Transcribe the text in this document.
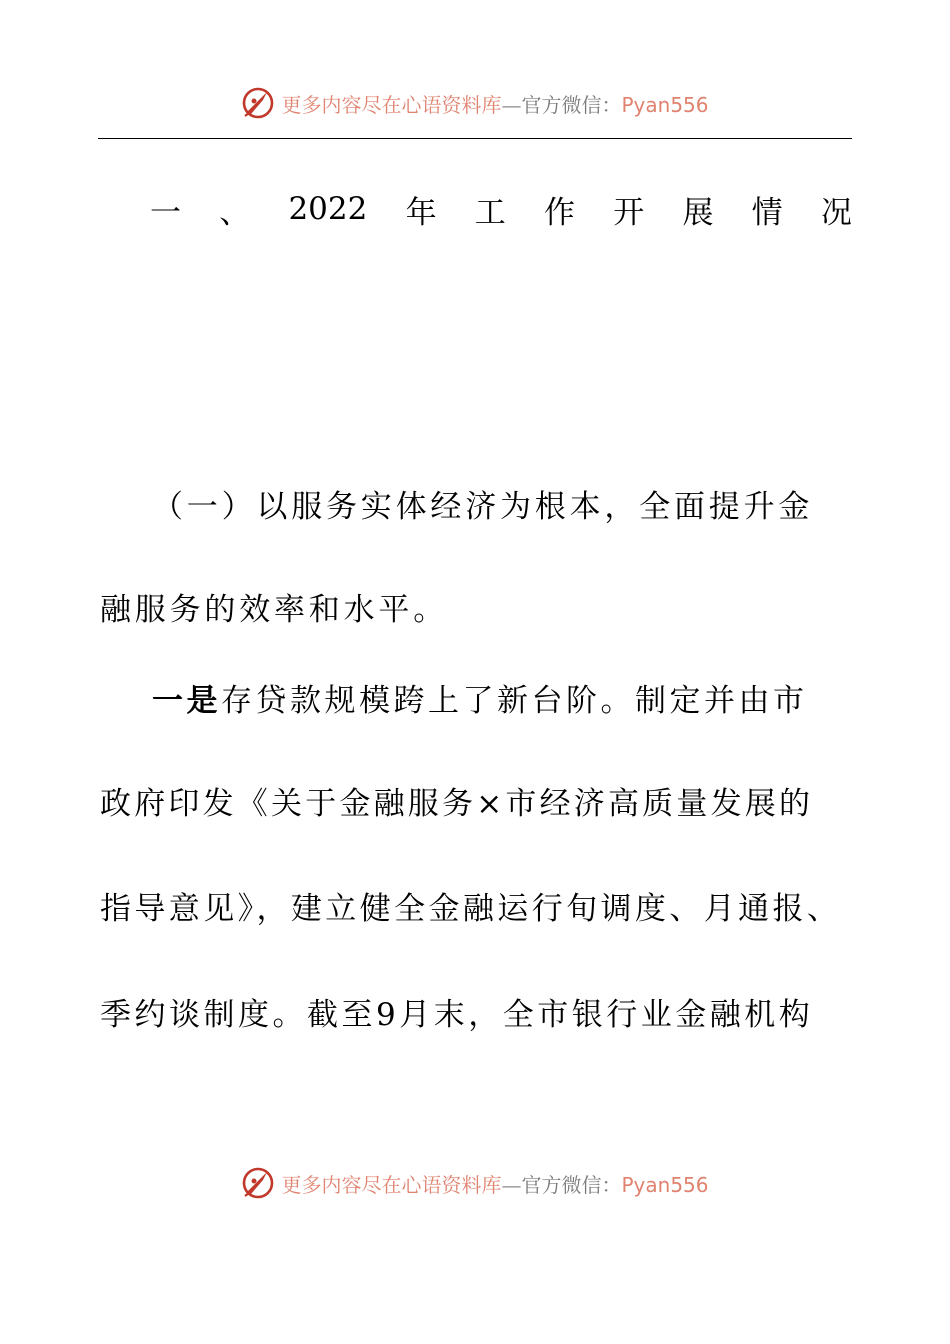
更多内容尽在心语资料库—官方微信：Pyan556
一 、 2022 年 工 作 开 展 情 况
（一）以服务实体经济为根本，全面提升金
融服务的效率和水平。
一是存贷款规模跨上了新台阶。制定并由市
政府印发《关于金融服务×市经济高质量发展的
指导意见》，建立健全金融运行旬调度、月通报、
季约谈制度。截至9月末，全市银行业金融机构
更多内容尽在心语资料库—官方微信：Pyan556
